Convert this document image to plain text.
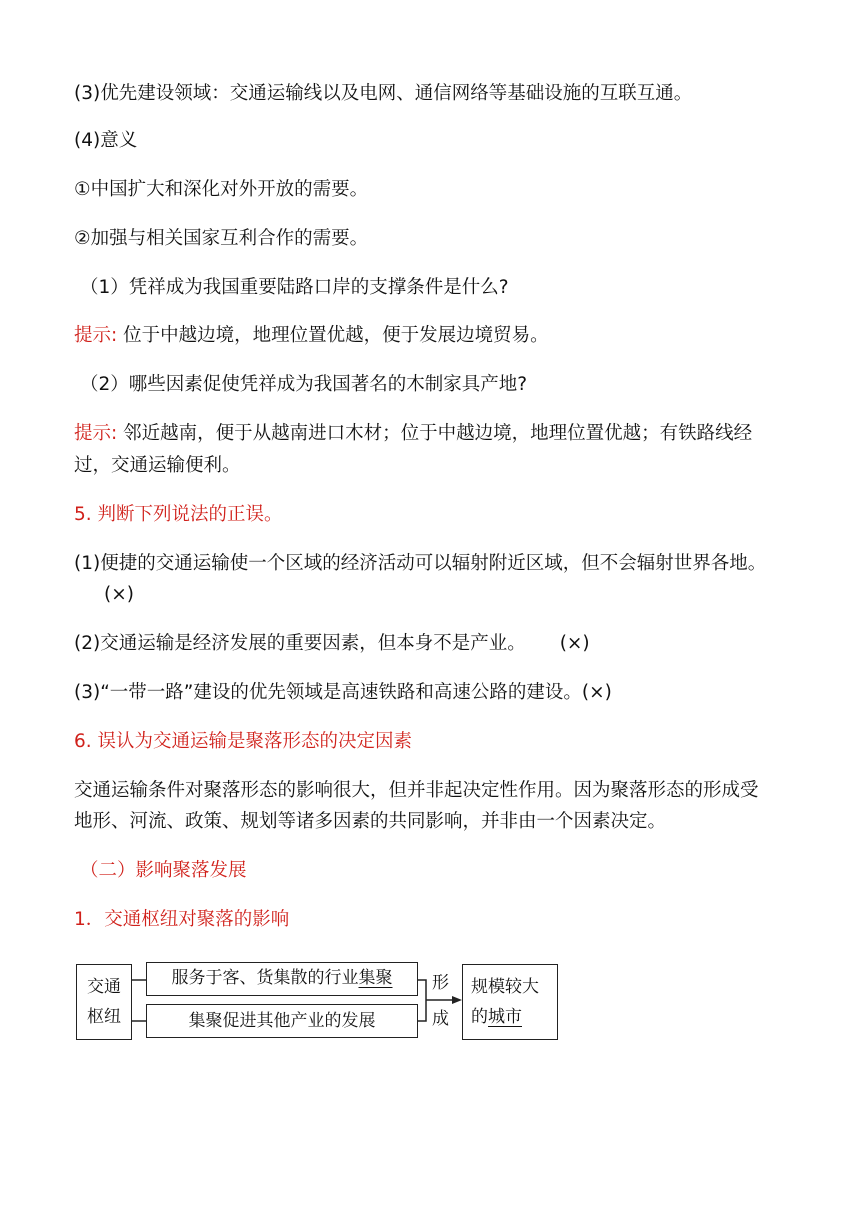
(3)优先建设领域：交通运输线以及电网、通信网络等基础设施的互联互通。
(4)意义
①中国扩大和深化对外开放的需要。
②加强与相关国家互利合作的需要。
（1）凭祥成为我国重要陆路口岸的支撑条件是什么?
提示: 位于中越边境，地理位置优越，便于发展边境贸易。
（2）哪些因素促使凭祥成为我国著名的木制家具产地?
提示: 邻近越南，便于从越南进口木材；位于中越边境，地理位置优越；有铁路线经
过，交通运输便利。
5. 判断下列说法的正误。
(1)便捷的交通运输使一个区域的经济活动可以辐射附近区域，但不会辐射世界各地。
(×)
(2)交通运输是经济发展的重要因素，但本身不是产业。 (×)
(3)“一带一路”建设的优先领域是高速铁路和高速公路的建设。(×)
6. 误认为交通运输是聚落形态的决定因素
交通运输条件对聚落形态的影响很大，但并非起决定性作用。因为聚落形态的形成受
地形、河流、政策、规划等诸多因素的共同影响，并非由一个因素决定。
（二）影响聚落发展
1．交通枢纽对聚落的影响
交通
枢纽
服务于客、货集散的行业集聚
集聚促进其他产业的发展
形
成
规模较大
的城市
